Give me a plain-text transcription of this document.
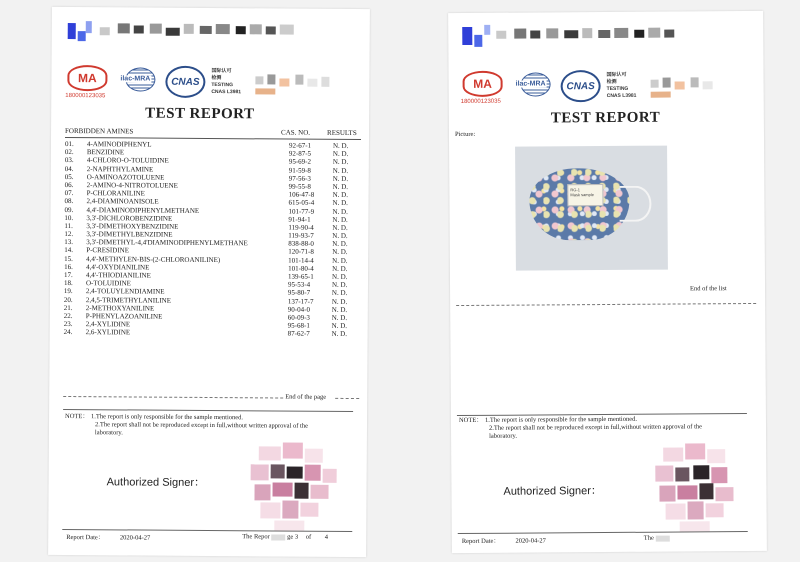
MA
180000123035
ilac-MRA	CNAS
国际认可
检测
TESTING
CNAS L3981
TEST REPORT
FORBIDDEN AMINES	CAS. NO. RESULTS
01. 4-AMINODIPHENYL	92-67-1	N. D.
02. BENZIDINE	92-87-5	N. D.
03. 4-CHLORO-O-TOLUIDINE	95-69-2	N. D.
04. 2-NAPHTHYLAMINE	91-59-8	N. D.
05. O-AMINOAZOTOLUENE	97-56-3	N. D.
06. 2-AMINO-4-NITROTOLUENE	99-55-8	N. D.
07. P-CHLORANILINE	106-47-8	N. D.
08. 2,4-DIAMINOANISOLE	615-05-4	N. D.
09. 4,4'-DIAMINODIPHENYLMETHANE	101-77-9	N. D.
10. 3,3'-DICHLOROBENZIDINE	91-94-1	N. D.
11. 3,3'-DIMETHOXYBENZIDINE	119-90-4	N. D.
12. 3,3'-DIMETHYLBENZIDINE	119-93-7	N. D.
13. 3,3'-DIMETHYL-4,4'DIAMINODIPHENYLMETHANE	838-88-0	N. D.
14. P-CRESIDINE	120-71-8	N. D.
15. 4,4'-METHYLEN-BIS-(2-CHLOROANILINE)	101-14-4	N. D.
16. 4,4'-OXYDIANILINE	101-80-4	N. D.
17. 4,4'-THIODIANILINE	139-65-1	N. D.
18. O-TOLUIDINE	95-53-4	N. D.
19. 2,4-TOLUYLENDIAMINE	95-80-7	N. D.
20. 2,4,5-TRIMETHYLANILINE	137-17-7	N. D.
21. 2-METHOXYANILINE	90-04-0	N. D.
22. P-PHENYLAZOANILINE	60-09-3	N. D.
23. 2,4-XYLIDINE	95-68-1	N. D.
24. 2,6-XYLIDINE	87-62-7	N. D.
End of the page
NOTE： 1.The report is only responsible for the sample mentioned.
2.The report shall not be reproduced except in full,without written approval of the laboratory.
Authorized Signer：
Report Date： 2020-04-27	The Repor	ge 3 of 4
MA
180000123035
ilac-MRA	CNAS
国际认可
检测
TESTING
CNAS L3981
TEST REPORT
Picture:
RG-1
Mask sample
End of the list
NOTE： 1.The report is only responsible for the sample mentioned.
2.The report shall not be reproduced except in full,without written approval of the laboratory.
Authorized Signer：
Report Date： 2020-04-27	The
